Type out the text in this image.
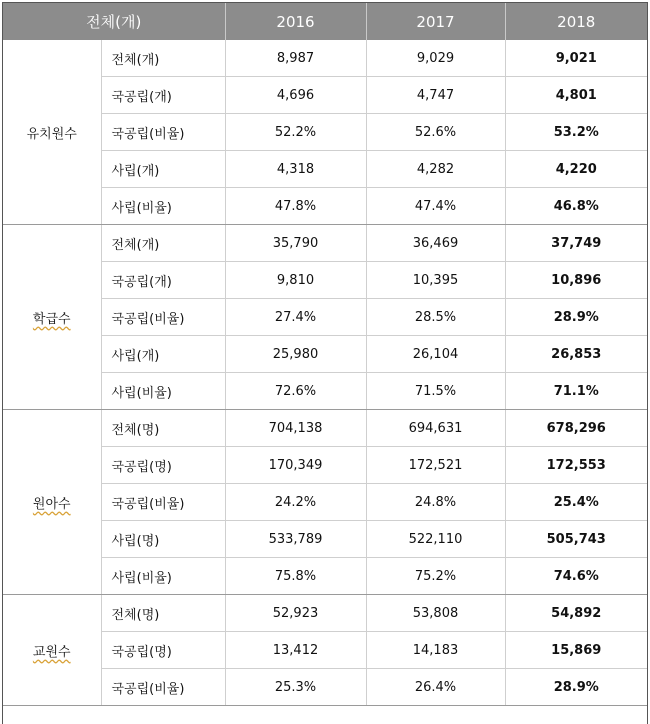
전체(개)		2016	2017	2018
유치원수	전체(개)	8,987	9,029	9,021
	국공립(개)	4,696	4,747	4,801
	국공립(비율)	52.2%	52.6%	53.2%
	사립(개)	4,318	4,282	4,220
	사립(비율)	47.8%	47.4%	46.8%
학급수	전체(개)	35,790	36,469	37,749
	국공립(개)	9,810	10,395	10,896
	국공립(비율)	27.4%	28.5%	28.9%
	사립(개)	25,980	26,104	26,853
	사립(비율)	72.6%	71.5%	71.1%
원아수	전체(명)	704,138	694,631	678,296
	국공립(명)	170,349	172,521	172,553
	국공립(비율)	24.2%	24.8%	25.4%
	사립(명)	533,789	522,110	505,743
	사립(비율)	75.8%	75.2%	74.6%
교원수	전체(명)	52,923	53,808	54,892
	국공립(명)	13,412	14,183	15,869
	국공립(비율)	25.3%	26.4%	28.9%
